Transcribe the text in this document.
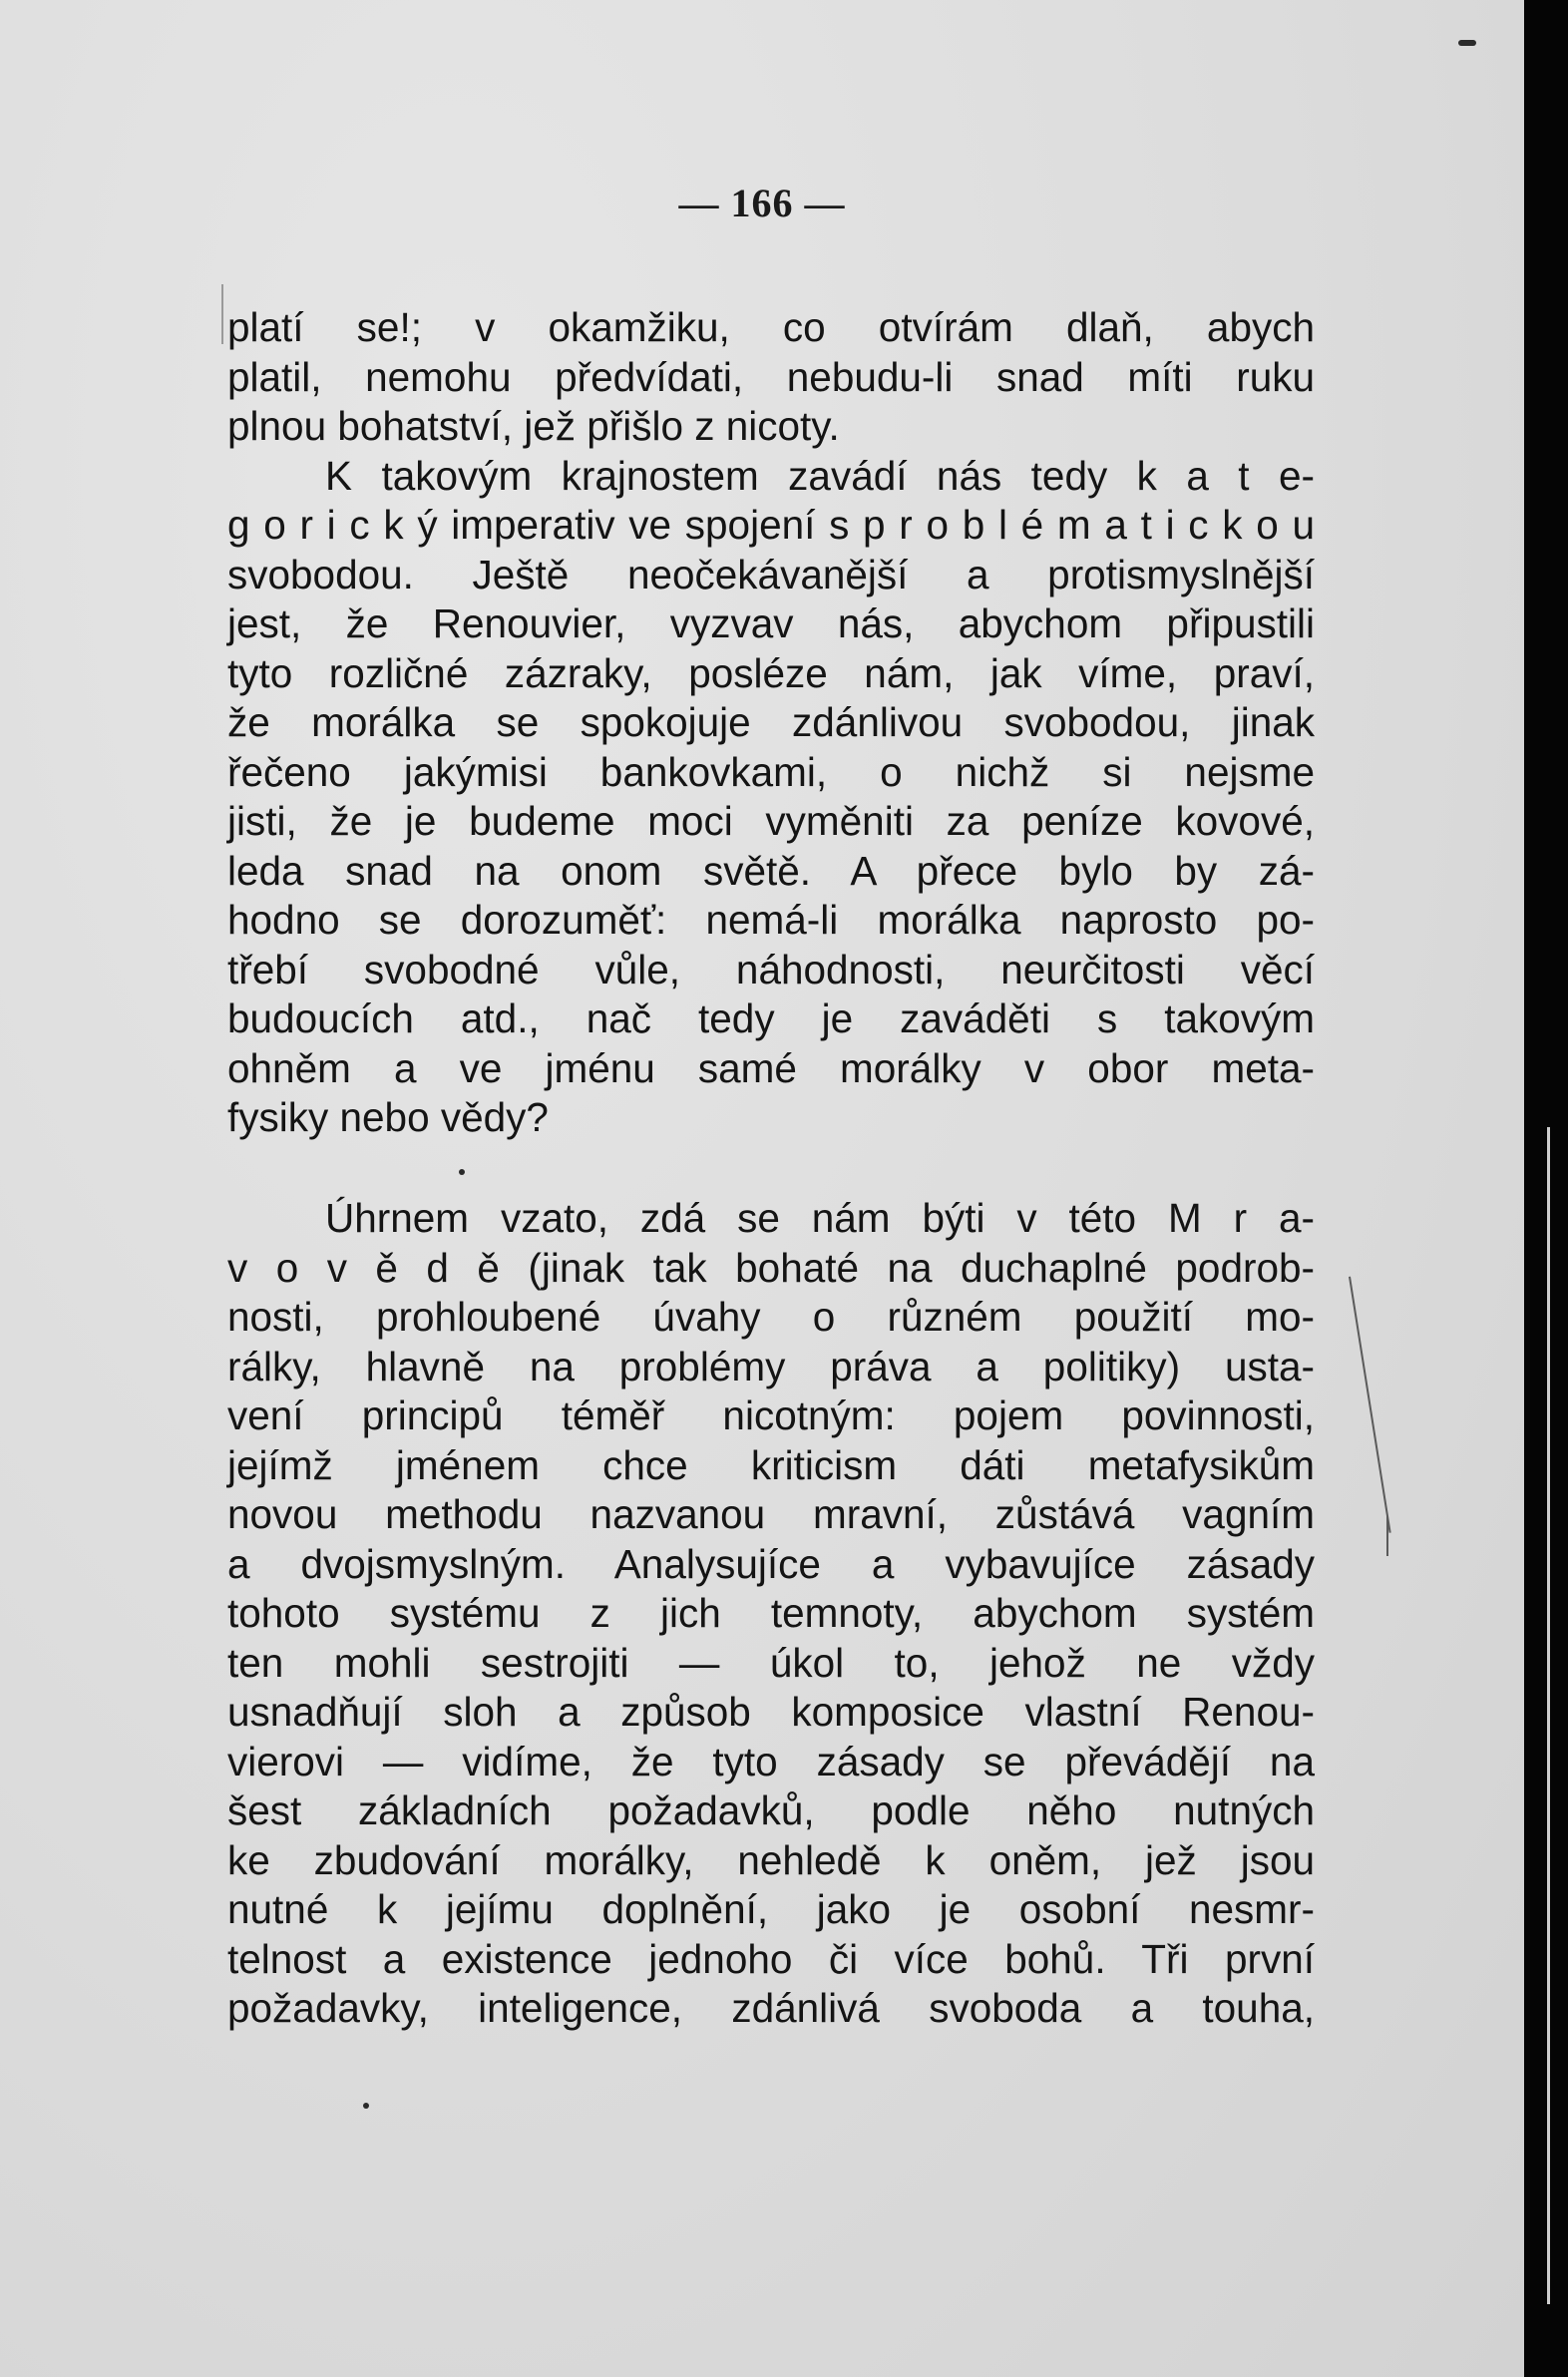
— 166 —
platí se!; v okamžiku, co otvírám dlaň, abych
platil, nemohu předvídati, nebudu-li snad míti ruku
plnou bohatství, jež přišlo z nicoty.
K takovým krajnostem zavádí nás tedy k a t e-
g o r i c k ý imperativ ve spojení s p r o b l é m a t i c k o u
svobodou. Ještě neočekávanější a protismyslnější
jest, že Renouvier, vyzvav nás, abychom připustili
tyto rozličné zázraky, posléze nám, jak víme, praví,
že morálka se spokojuje zdánlivou svobodou, jinak
řečeno jakýmisi bankovkami, o nichž si nejsme
jisti, že je budeme moci vyměniti za peníze kovové,
leda snad na onom světě. A přece bylo by zá-
hodno se dorozuměť: nemá-li morálka naprosto po-
třebí svobodné vůle, náhodnosti, neurčitosti věcí
budoucích atd., nač tedy je zaváděti s takovým
ohněm a ve jménu samé morálky v obor meta-
fysiky nebo vědy?
Úhrnem vzato, zdá se nám býti v této M r a-
v o v ě d ě (jinak tak bohaté na duchaplné podrob-
nosti, prohloubené úvahy o různém použití mo-
rálky, hlavně na problémy práva a politiky) usta-
vení principů téměř nicotným: pojem povinnosti,
jejímž jménem chce kriticism dáti metafysikům
novou methodu nazvanou mravní, zůstává vagním
a dvojsmyslným. Analysujíce a vybavujíce zásady
tohoto systému z jich temnoty, abychom systém
ten mohli sestrojiti — úkol to, jehož ne vždy
usnadňují sloh a způsob komposice vlastní Renou-
vierovi — vidíme, že tyto zásady se převádějí na
šest základních požadavků, podle něho nutných
ke zbudování morálky, nehledě k oněm, jež jsou
nutné k jejímu doplnění, jako je osobní nesmr-
telnost a existence jednoho či více bohů. Tři první
požadavky, inteligence, zdánlivá svoboda a touha,
